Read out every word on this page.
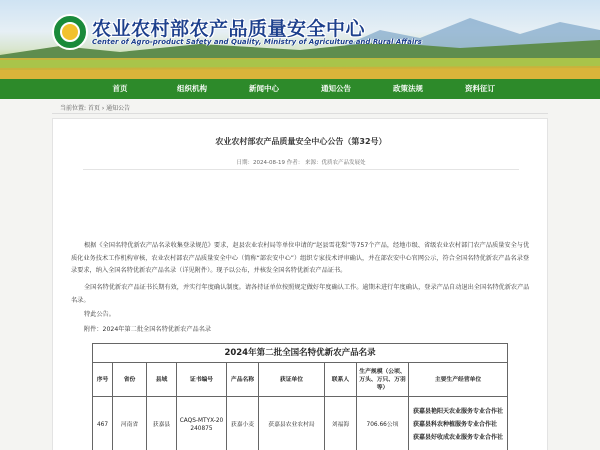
农业农村部农产品质量安全中心
Center of Agro-product Safety and Quality, Ministry of Agriculture and Rural Affairs
首页	组织机构	新闻中心	通知公告	政策法规	资料征订
当前位置: 首页 › 通知公告
农业农村部农产品质量安全中心公告（第32号）
日期：2024-08-19 作者： 来源：优质农产品发展处
根据《全国名特优新农产品名录收集登录规范》要求，赵县农业农村局等单位申请的“赵县雪花梨”等757个产品，经地市级、省级农业农村部门农产品质量安全与优质化业务技术工作机构审核，农业农村部农产品质量安全中心（简称“部农安中心”）组织专家技术评审确认，并在部农安中心官网公示，符合全国名特优新农产品名录登录要求，纳入全国名特优新农产品名录（详见附件）。现予以公布，并核发全国名特优新农产品证书。
全国名特优新农产品证书长期有效，并实行年度确认制度。请各持证单位按照规定做好年度确认工作。逾期未进行年度确认，登录产品自动退出全国名特优新农产品名录。
特此公告。
附件：2024年第二批全国名特优新农产品名录
2024年第二批全国名特优新农产品名录								
序号	省份	县域	证书编号	产品名称	获证单位	联系人	生产规模（公顷、万头、万只、万羽等）	主要生产经营单位
467	河南省	获嘉县	CAQS-MTYX-20240875	获嘉小麦	获嘉县农业农村局	刘福海	706.66公顷	获嘉县艳阳天农业服务专业合作社
获嘉县科农种植服务专业合作社
获嘉县好收成农业服务专业合作社
